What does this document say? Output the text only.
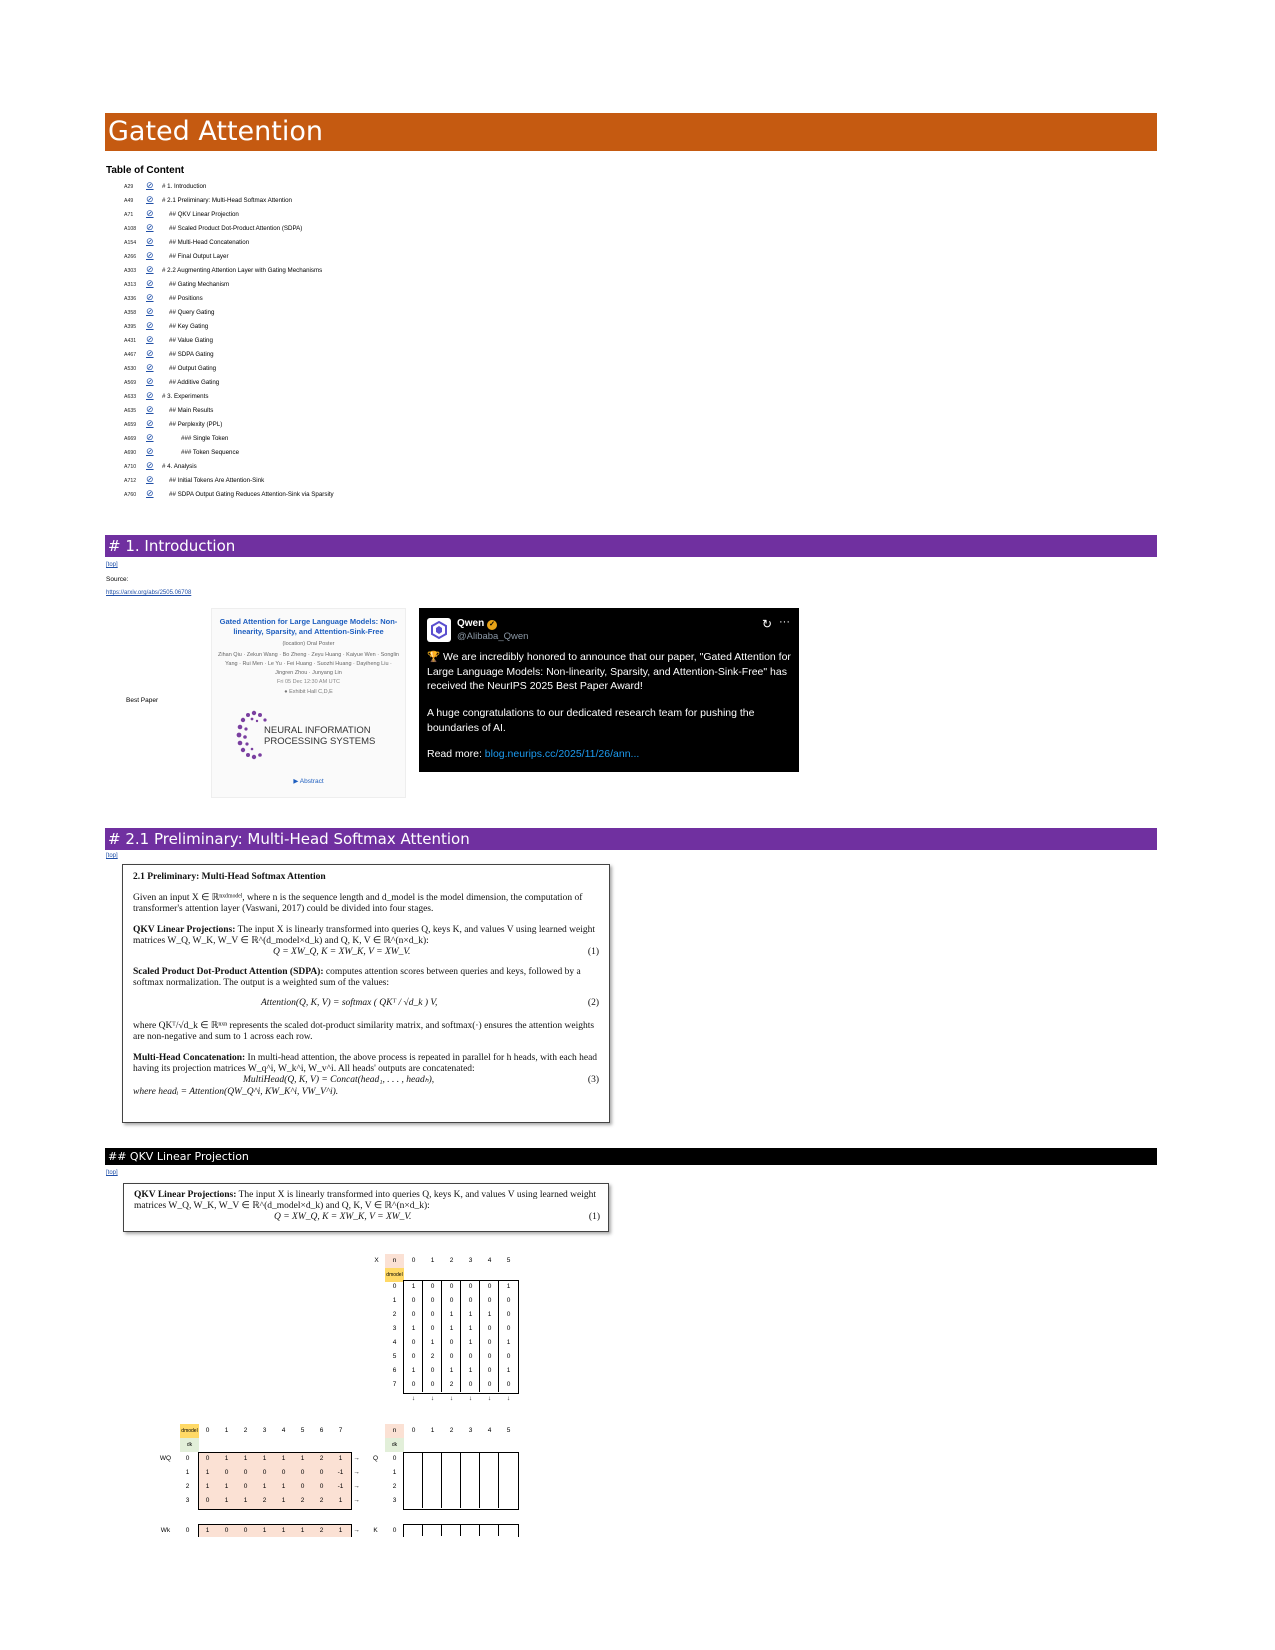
Gated Attention
Table of Content
A29 ⊘ # 1. Introduction
A49 ⊘ # 2.1 Preliminary: Multi-Head Softmax Attention
A71 ⊘ ## QKV Linear Projection
A108 ⊘ ## Scaled Product Dot-Product Attention (SDPA)
A154 ⊘ ## Multi-Head Concatenation
A266 ⊘ ## Final Output Layer
A303 ⊘ # 2.2 Augmenting Attention Layer with Gating Mechanisms
A313 ⊘ ## Gating Mechanism
A336 ⊘ ## Positions
A358 ⊘ ## Query Gating
A395 ⊘ ## Key Gating
A431 ⊘ ## Value Gating
A467 ⊘ ## SDPA Gating
A530 ⊘ ## Output Gating
A569 ⊘ ## Additive Gating
A633 ⊘ # 3. Experiments
A635 ⊘ ## Main Results
A659 ⊘ ## Perplexity (PPL)
A669 ⊘	### Single Token
A690 ⊘	### Token Sequence
A710 ⊘ # 4. Analysis
A712 ⊘ ## Initial Tokens Are Attention-Sink
A760 ⊘ ## SDPA Output Gating Reduces Attention-Sink via Sparsity
# 1. Introduction
[top]
Source:
https://arxiv.org/abs/2505.06708
Best Paper
Gated Attention for Large Language Models: Non-linearity, Sparsity, and Attention-Sink-Free
(location) Oral Poster
Zihan Qiu · Zekun Wang · Bo Zheng · Zeyu Huang · Kaiyue Wen · Songlin Yang · Rui Men · Le Yu · Fei Huang · Suozhi Huang · Dayiheng Liu · Jingren Zhou · Junyang Lin
Fri 05 Dec 12:30 AM UTC
● Exhibit Hall C,D,E
NEURAL INFORMATION
PROCESSING SYSTEMS
▶ Abstract
Qwen ✓
@Alibaba_Qwen
↻ ···
🏆 We are incredibly honored to announce that our paper, "Gated Attention for Large Language Models: Non-linearity, Sparsity, and Attention-Sink-Free" has received the NeurIPS 2025 Best Paper Award!
A huge congratulations to our dedicated research team for pushing the boundaries of AI.
Read more: blog.neurips.cc/2025/11/26/ann...
# 2.1 Preliminary: Multi-Head Softmax Attention
[top]

2.1 Preliminary: Multi-Head Softmax Attention

Given an input X ∈ ℝⁿˣᵈᵐᵒᵈᵉˡ, where n is the sequence length and d_model is the model dimension, the computation of transformer's attention layer (Vaswani, 2017) could be divided into four stages.

QKV Linear Projections: The input X is linearly transformed into queries Q, keys K, and values V using learned weight matrices W_Q, W_K, W_V ∈ ℝ^(d_model×d_k) and Q, K, V ∈ ℝ^(n×d_k):

Q = XW_Q, K = XW_K, V = XW_V.	(1)

Scaled Product Dot-Product Attention (SDPA): computes attention scores between queries and keys, followed by a softmax normalization. The output is a weighted sum of the values:

Attention(Q, K, V) = softmax ( QKᵀ / √d_k ) V,	(2)

where QKᵀ/√d_k ∈ ℝⁿˣⁿ represents the scaled dot-product similarity matrix, and softmax(·) ensures the attention weights are non-negative and sum to 1 across each row.

Multi-Head Concatenation: In multi-head attention, the above process is repeated in parallel for h heads, with each head having its projection matrices W_q^i, W_k^i, W_v^i. All heads' outputs are concatenated:

MultiHead(Q, K, V) = Concat(head₁, . . . , headₕ),	(3)

where headᵢ = Attention(QW_Q^i, KW_K^i, VW_V^i).

## QKV Linear Projection
[top]

QKV Linear Projections: The input X is linearly transformed into queries Q, keys K, and values V using learned weight matrices W_Q, W_K, W_V ∈ ℝ^(d_model×d_k) and Q, K, V ∈ ℝ^(n×d_k):

Q = XW_Q, K = XW_K, V = XW_V.	(1)
X	n
dmodel
0	1	2	3	4	5
0	1	0	0	0	0	1
1	0	0	0	0	0	0
2	0	0	1	1	1	0
3	1	0	1	1	0	0
4	0	1	0	1	0	1
5	0	2	0	0	0	0
6	1	0	1	1	0	1
7	0	0	2	0	0	0
↓	↓	↓	↓	↓	↓
dmodel
dk
0	1	2	3	4	5	6	7
WQ	0	0	1	1	1	1	1	2	1	→
1	1	0	0	0	0	0	0	-1	→
2	1	1	0	1	1	0	0	-1	→
3	0	1	1	2	1	2	2	1	→
Q
n
dk
0	1	2	3	4	5
0
1
2
3
Wk	0	1	0	0	1	1	1	2	1	→	K	0
